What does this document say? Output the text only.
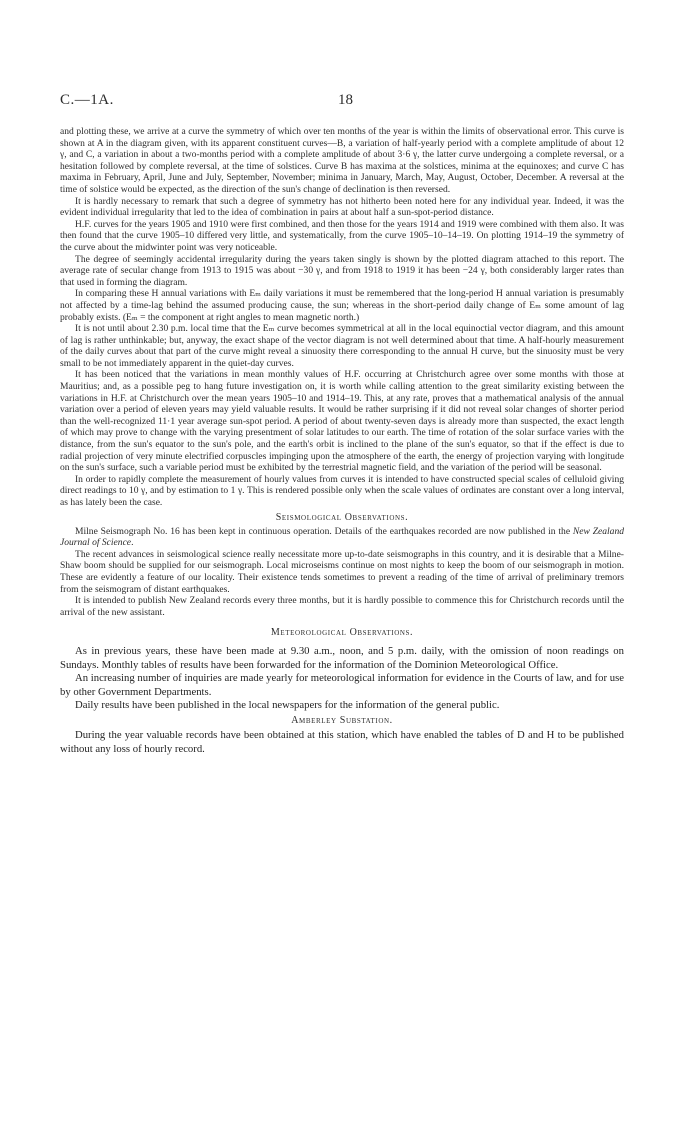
C.—1A.	18

and plotting these, we arrive at a curve the symmetry of which over ten months of the year is within the limits of observational error. This curve is shown at A in the diagram given, with its apparent constituent curves—B, a variation of half-yearly period with a complete amplitude of about 12 γ, and C, a variation in about a two-months period with a complete amplitude of about 3·6 γ, the latter curve undergoing a complete reversal, or a hesitation followed by complete reversal, at the time of solstices. Curve B has maxima at the solstices, minima at the equinoxes; and curve C has maxima in February, April, June and July, September, November; minima in January, March, May, August, October, December. A reversal at the time of solstice would be expected, as the direction of the sun's change of declination is then reversed.

It is hardly necessary to remark that such a degree of symmetry has not hitherto been noted here for any individual year. Indeed, it was the evident individual irregularity that led to the idea of combination in pairs at about half a sun-spot-period distance.

H.F. curves for the years 1905 and 1910 were first combined, and then those for the years 1914 and 1919 were combined with them also. It was then found that the curve 1905–10 differed very little, and systematically, from the curve 1905–10–14–19. On plotting 1914–19 the symmetry of the curve about the midwinter point was very noticeable.

The degree of seemingly accidental irregularity during the years taken singly is shown by the plotted diagram attached to this report. The average rate of secular change from 1913 to 1915 was about −30 γ, and from 1918 to 1919 it has been −24 γ, both considerably larger rates than that used in forming the diagram.

In comparing these H annual variations with Eₘ daily variations it must be remembered that the long-period H annual variation is presumably not affected by a time-lag behind the assumed producing cause, the sun; whereas in the short-period daily change of Eₘ some amount of lag probably exists. (Eₘ = the component at right angles to mean magnetic north.)

It is not until about 2.30 p.m. local time that the Eₘ curve becomes symmetrical at all in the local equinoctial vector diagram, and this amount of lag is rather unthinkable; but, anyway, the exact shape of the vector diagram is not well determined about that time. A half-hourly measurement of the daily curves about that part of the curve might reveal a sinuosity there corresponding to the annual H curve, but the sinuosity must be very small to be not immediately apparent in the quiet-day curves.

It has been noticed that the variations in mean monthly values of H.F. occurring at Christchurch agree over some months with those at Mauritius; and, as a possible peg to hang future investigation on, it is worth while calling attention to the great similarity existing between the variations in H.F. at Christchurch over the mean years 1905–10 and 1914–19. This, at any rate, proves that a mathematical analysis of the annual variation over a period of eleven years may yield valuable results. It would be rather surprising if it did not reveal solar changes of shorter period than the well-recognized 11·1 year average sun-spot period. A period of about twenty-seven days is already more than suspected, the exact length of which may prove to change with the varying presentment of solar latitudes to our earth. The time of rotation of the solar surface varies with the distance, from the sun's equator to the sun's pole, and the earth's orbit is inclined to the plane of the sun's equator, so that if the effect is due to radial projection of very minute electrified corpuscles impinging upon the atmosphere of the earth, the energy of projection varying with longitude on the sun's surface, such a variable period must be exhibited by the terrestrial magnetic field, and the variation of the period will be seasonal.

In order to rapidly complete the measurement of hourly values from curves it is intended to have constructed special scales of celluloid giving direct readings to 10 γ, and by estimation to 1 γ. This is rendered possible only when the scale values of ordinates are constant over a long interval, as has lately been the case.

Seismological Observations.

Milne Seismograph No. 16 has been kept in continuous operation. Details of the earthquakes recorded are now published in the New Zealand Journal of Science.

The recent advances in seismological science really necessitate more up-to-date seismographs in this country, and it is desirable that a Milne-Shaw boom should be supplied for our seismograph. Local microseisms continue on most nights to keep the boom of our seismograph in motion. These are evidently a feature of our locality. Their existence tends sometimes to prevent a reading of the time of arrival of preliminary tremors from the seismogram of distant earthquakes.

It is intended to publish New Zealand records every three months, but it is hardly possible to commence this for Christchurch records until the arrival of the new assistant.

Meteorological Observations.

As in previous years, these have been made at 9.30 a.m., noon, and 5 p.m. daily, with the omission of noon readings on Sundays. Monthly tables of results have been forwarded for the information of the Dominion Meteorological Office.

An increasing number of inquiries are made yearly for meteorological information for evidence in the Courts of law, and for use by other Government Departments.

Daily results have been published in the local newspapers for the information of the general public.

Amberley Substation.

During the year valuable records have been obtained at this station, which have enabled the tables of D and H to be published without any loss of hourly record.
